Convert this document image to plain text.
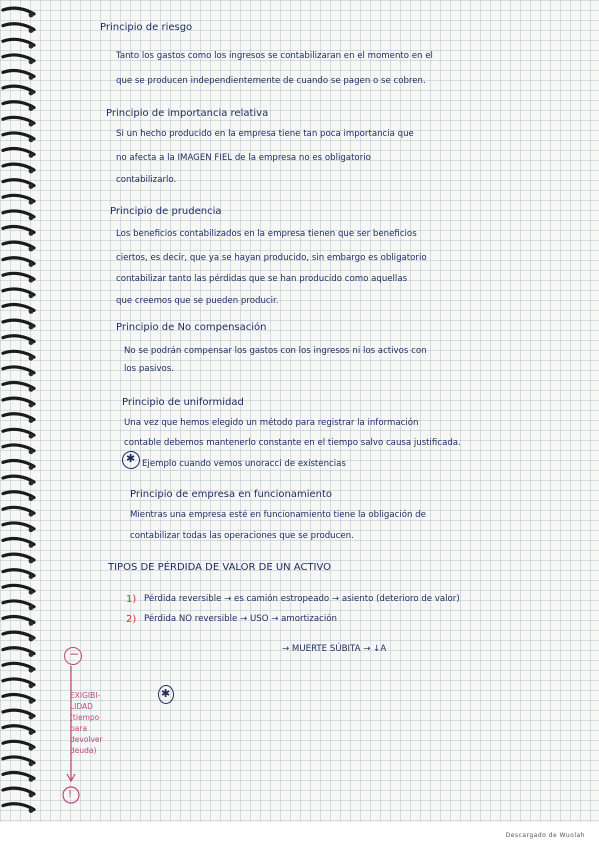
Principio de riesgo

Tanto los gastos como los ingresos se contabilizaran en el momento en el

que se producen independientemente de cuando se pagen o se cobren.

Principio de importancia relativa

Si un hecho producido en la empresa tiene tan poca importancia que

no afecta a la IMAGEN FIEL de la empresa no es obligatorio

contabilizarlo.

Principio de prudencia

Los beneficios contabilizados en la empresa tienen que ser beneficios

ciertos, es decir, que ya se hayan producido, sin embargo es obligatorio

contabilizar tanto las pérdidas que se han producido como aquellas

que creemos que se pueden producir.

Principio de No compensación

No se podrán compensar los gastos con los ingresos ni los activos con

los pasivos.

Principio de uniformidad

Una vez que hemos elegido un método para registrar la información

contable debemos mantenerlo constante en el tiempo salvo causa justificada.

✱ Ejemplo cuando vemos unoracci de existencias

Principio de empresa en funcionamiento

Mientras una empresa esté en funcionamiento tiene la obligación de

contabilizar todas las operaciones que se producen.

TIPOS DE PÉRDIDA DE VALOR DE UN ACTIVO

1) Pérdida reversible → es camión estropeado → asiento (deterioro de valor)

2) Pérdida NO reversible → USO → amortización

→ MUERTE SÚBITA → ↓A

−
EXIGIBI-
LIDAD
(tiempo
para
devolver
deuda)
!
✱
Descargado de Wuolah
